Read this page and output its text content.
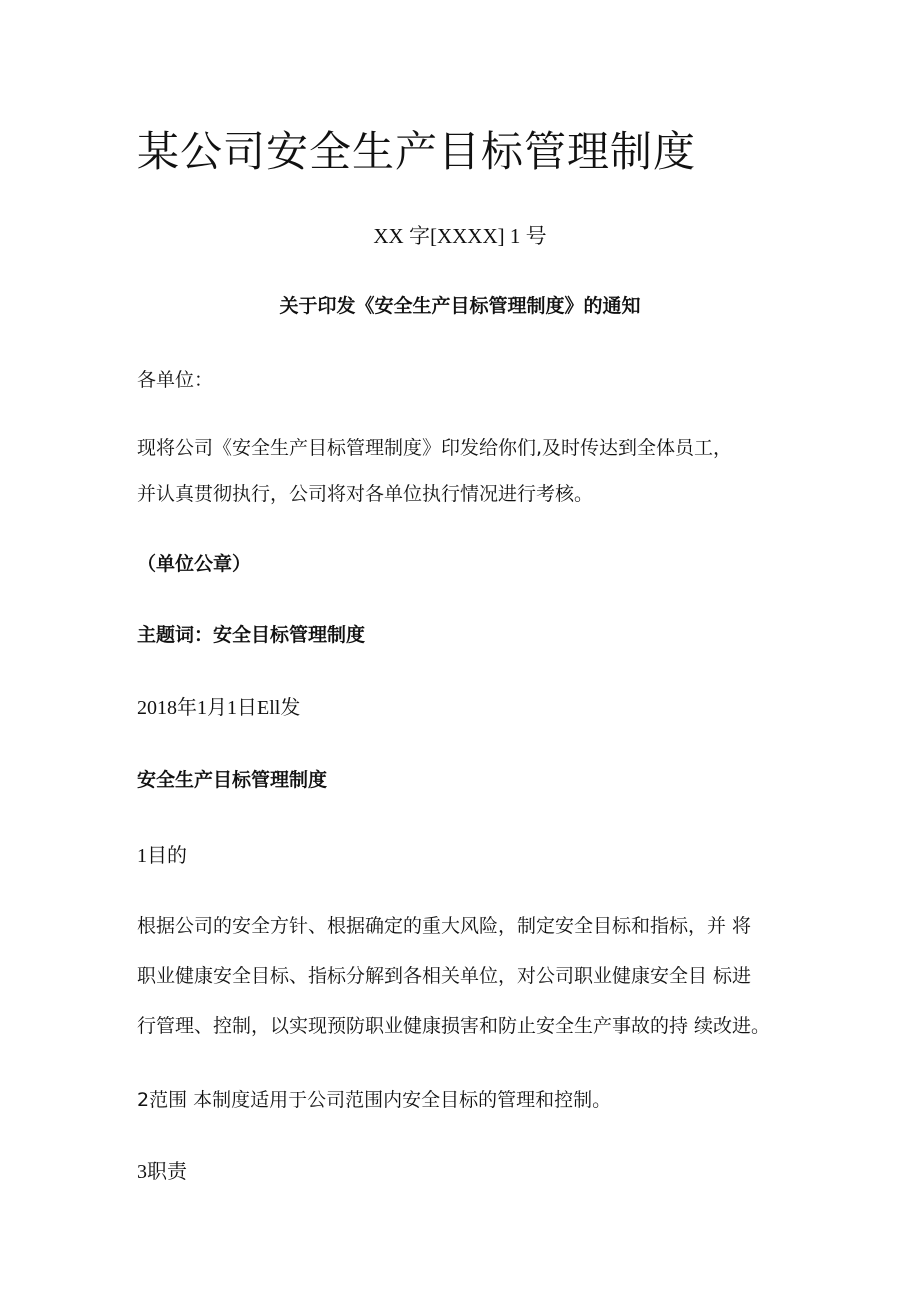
某公司安全生产目标管理制度
XX 字[XXXX] 1 号
关于印发《安全生产目标管理制度》的通知
各单位：
现将公司《安全生产目标管理制度》印发给你们,及时传达到全体员工，
并认真贯彻执行，公司将对各单位执行情况进行考核。
（单位公章）
主题词：安全目标管理制度
2018年1月1日Ell发
安全生产目标管理制度
1目的
根据公司的安全方针、根据确定的重大风险，制定安全目标和指标，并 将
职业健康安全目标、指标分解到各相关单位，对公司职业健康安全目 标进
行管理、控制，以实现预防职业健康损害和防止安全生产事故的持 续改进。
2范围 本制度适用于公司范围内安全目标的管理和控制。
3职责
